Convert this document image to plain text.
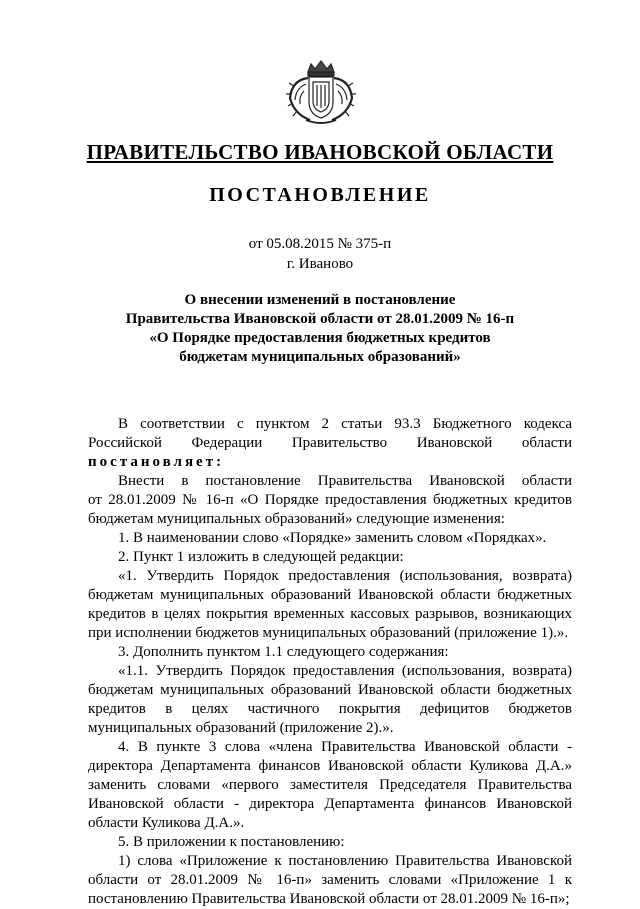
ПРАВИТЕЛЬСТВО ИВАНОВСКОЙ ОБЛАСТИ
ПОСТАНОВЛЕНИЕ
от 05.08.2015 № 375-п
г. Иваново
О внесении изменений в постановление
Правительства Ивановской области от 28.01.2009 № 16-п
«О Порядке предоставления бюджетных кредитов
бюджетам муниципальных образований»

В соответствии с пунктом 2 статьи 93.3 Бюджетного кодекса

Российской Федерации Правительство Ивановской области

постановляет:

Внести в постановление Правительства Ивановской области

от 28.01.2009 № 16-п «О Порядке предоставления бюджетных кредитов

бюджетам муниципальных образований» следующие изменения:

1. В наименовании слово «Порядке» заменить словом «Порядках».

2. Пункт 1 изложить в следующей редакции:

«1. Утвердить Порядок предоставления (использования, возврата)

бюджетам муниципальных образований Ивановской области бюджетных

кредитов в целях покрытия временных кассовых разрывов, возникающих

при исполнении бюджетов муниципальных образований (приложение 1).».

3. Дополнить пунктом 1.1 следующего содержания:

«1.1. Утвердить Порядок предоставления (использования, возврата)

бюджетам муниципальных образований Ивановской области бюджетных

кредитов в целях частичного покрытия дефицитов бюджетов

муниципальных образований (приложение 2).».

4. В пункте 3 слова «члена Правительства Ивановской области -

директора Департамента финансов Ивановской области Куликова Д.А.»

заменить словами «первого заместителя Председателя Правительства

Ивановской области - директора Департамента финансов Ивановской

области Куликова Д.А.».

5. В приложении к постановлению:

1) слова «Приложение к постановлению Правительства Ивановской

области от 28.01.2009 № 16-п» заменить словами «Приложение 1 к

постановлению Правительства Ивановской области от 28.01.2009 № 16-п»;
